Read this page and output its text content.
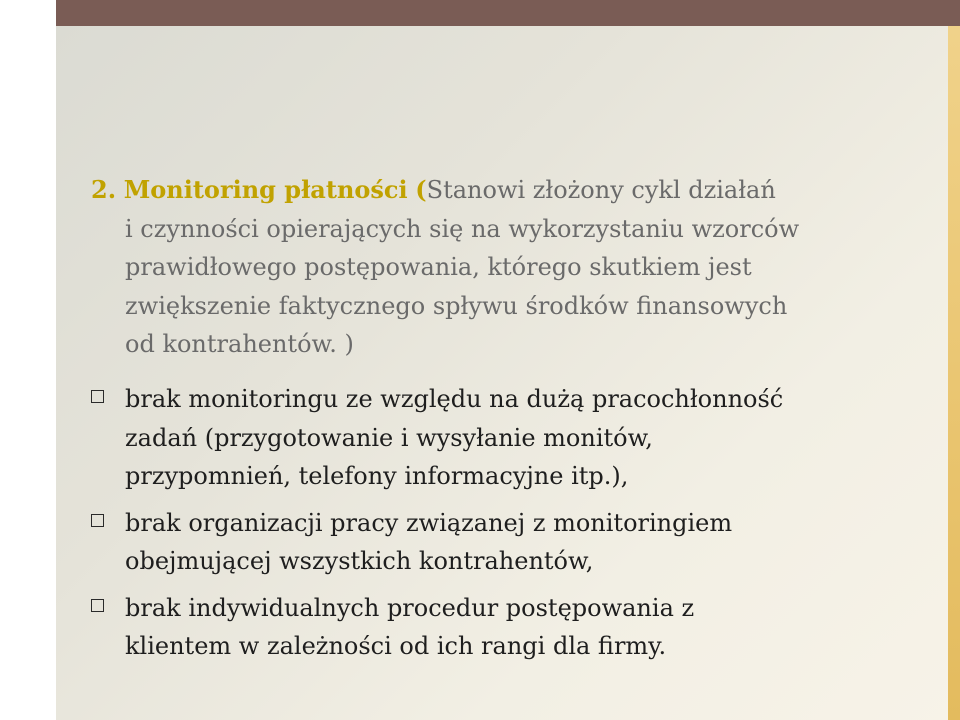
2. Monitoring płatności (Stanowi złożony cykl działań
i czynności opierających się na wykorzystaniu wzorców
prawidłowego postępowania, którego skutkiem jest
zwiększenie faktycznego spływu środków finansowych
od kontrahentów. )
brak monitoringu ze względu na dużą pracochłonność
zadań (przygotowanie i wysyłanie monitów,
przypomnień, telefony informacyjne itp.),
brak organizacji pracy związanej z monitoringiem
obejmującej wszystkich kontrahentów,
brak indywidualnych procedur postępowania z
klientem w zależności od ich rangi dla firmy.
